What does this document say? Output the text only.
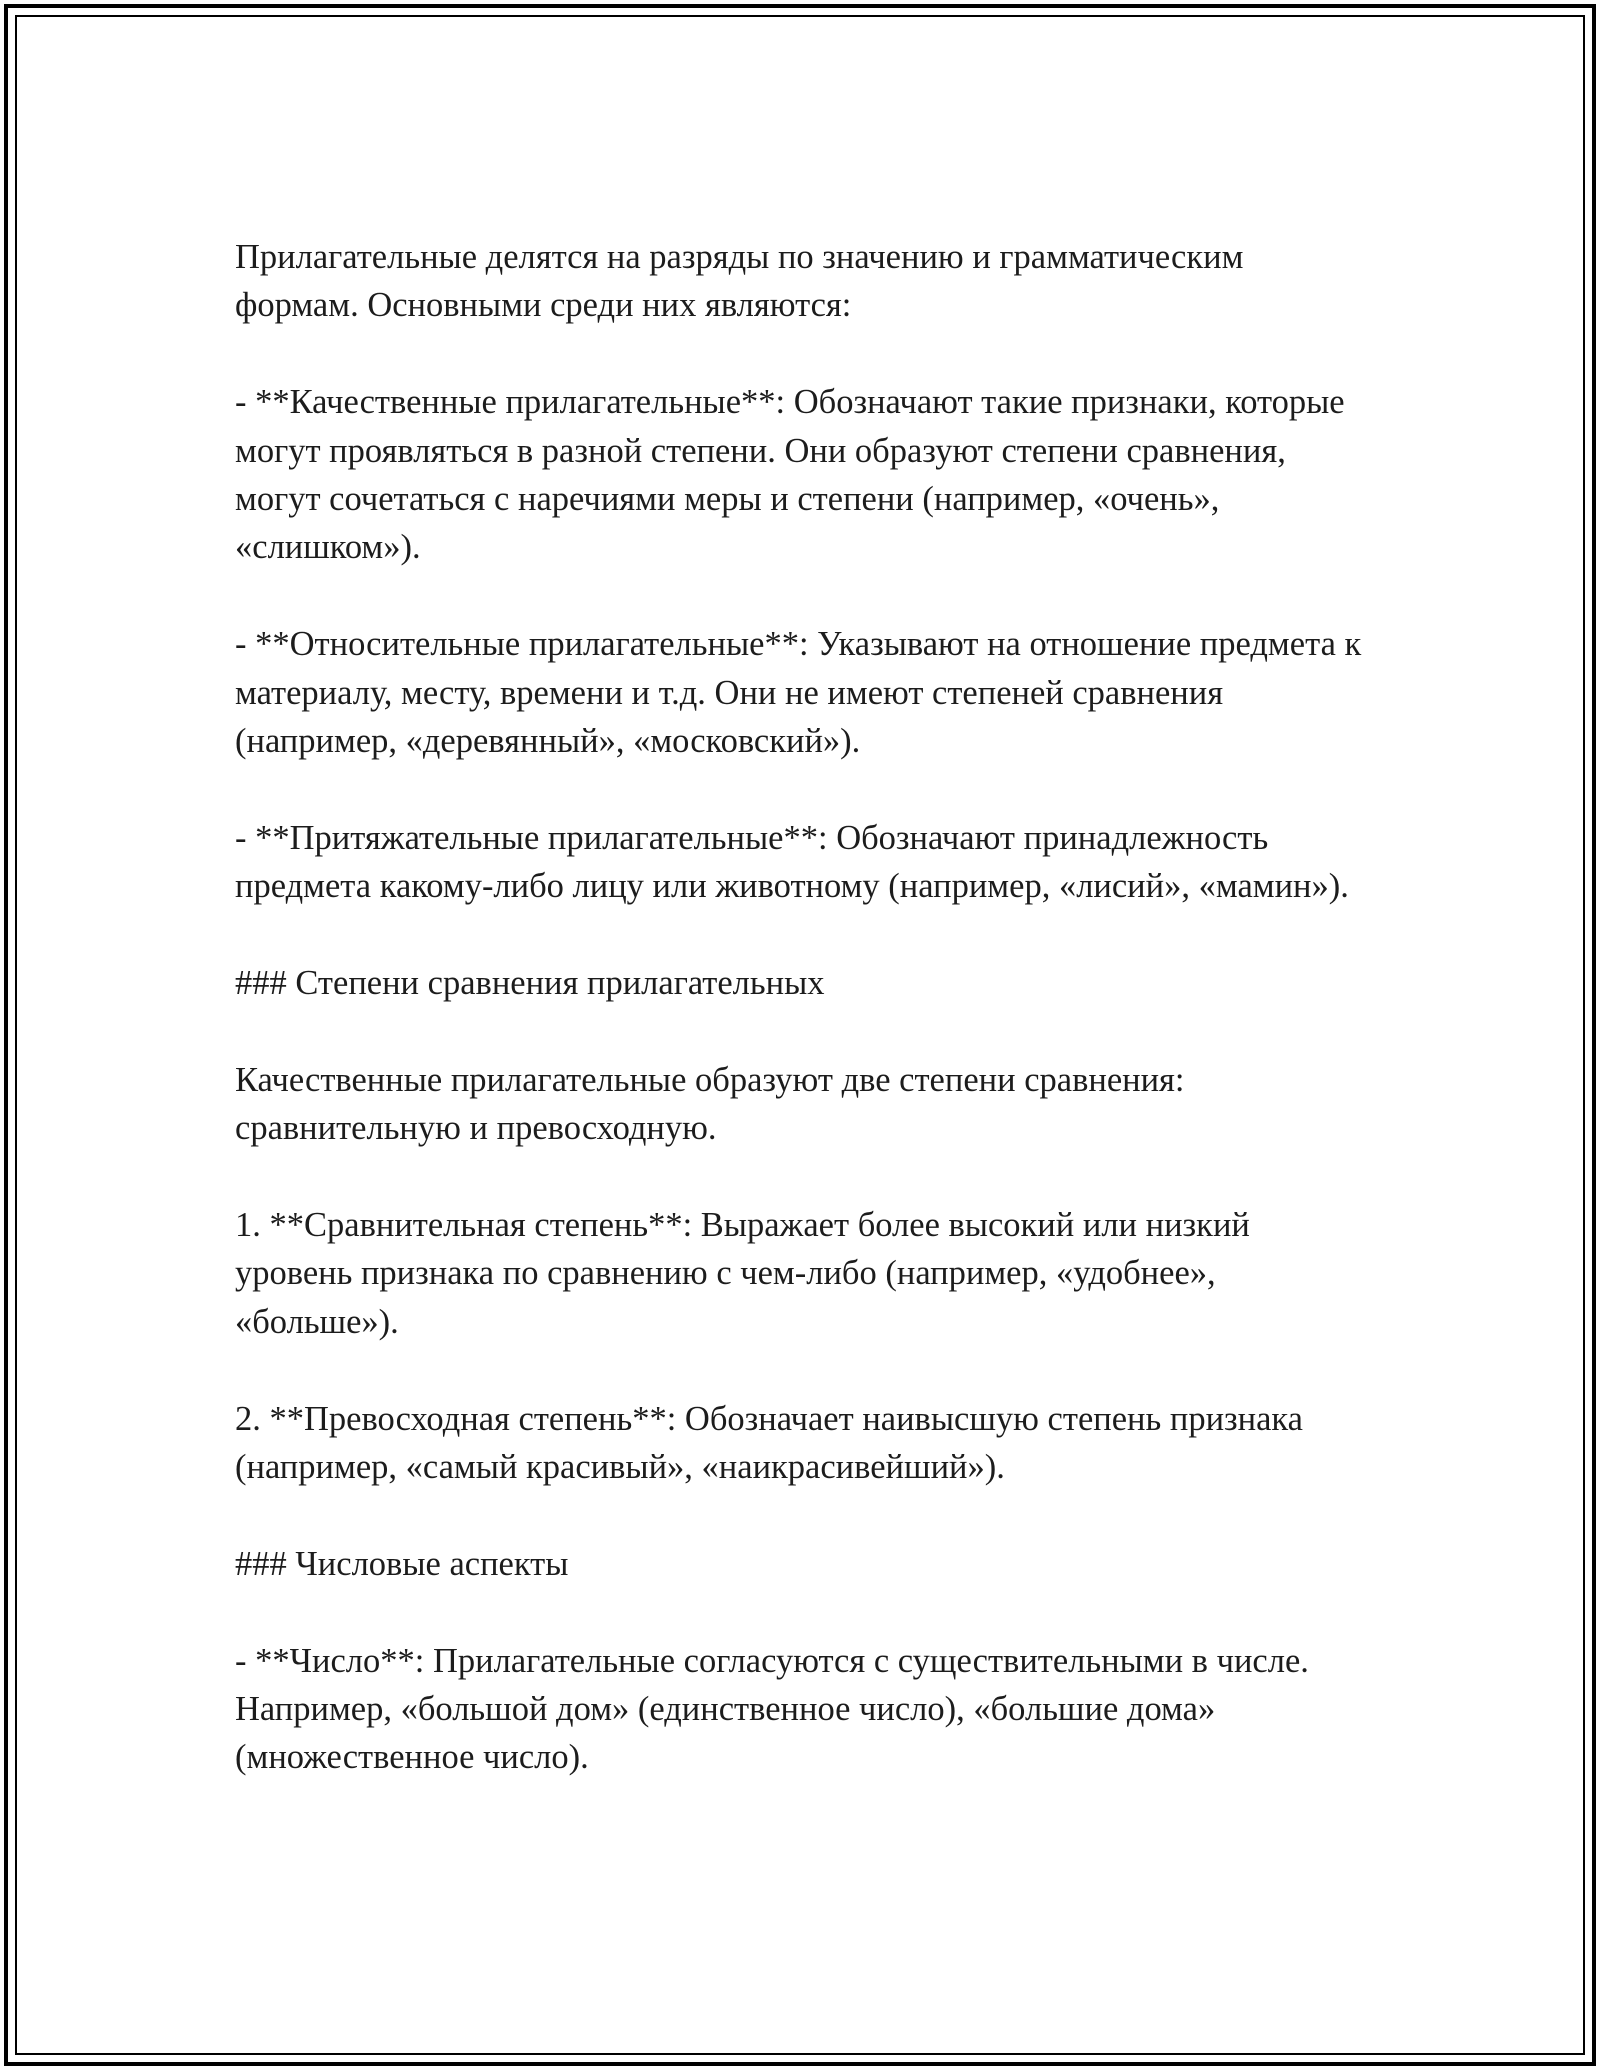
Прилагательные делятся на разряды по значению и грамматическим формам. Основными среди них являются:

- **Качественные прилагательные**: Обозначают такие признаки, которые могут проявляться в разной степени. Они образуют степени сравнения, могут сочетаться с наречиями меры и степени (например, «очень», «слишком»).

- **Относительные прилагательные**: Указывают на отношение предмета к материалу, месту, времени и т.д. Они не имеют степеней сравнения (например, «деревянный», «московский»).

- **Притяжательные прилагательные**: Обозначают принадлежность предмета какому-либо лицу или животному (например, «лисий», «мамин»).

### Степени сравнения прилагательных

Качественные прилагательные образуют две степени сравнения: сравнительную и превосходную.

1. **Сравнительная степень**: Выражает более высокий или низкий уровень признака по сравнению с чем-либо (например, «удобнее», «больше»).

2. **Превосходная степень**: Обозначает наивысшую степень признака (например, «самый красивый», «наикрасивейший»).

### Числовые аспекты

- **Число**: Прилагательные согласуются с существительными в числе. Например, «большой дом» (единственное число), «большие дома» (множественное число).
